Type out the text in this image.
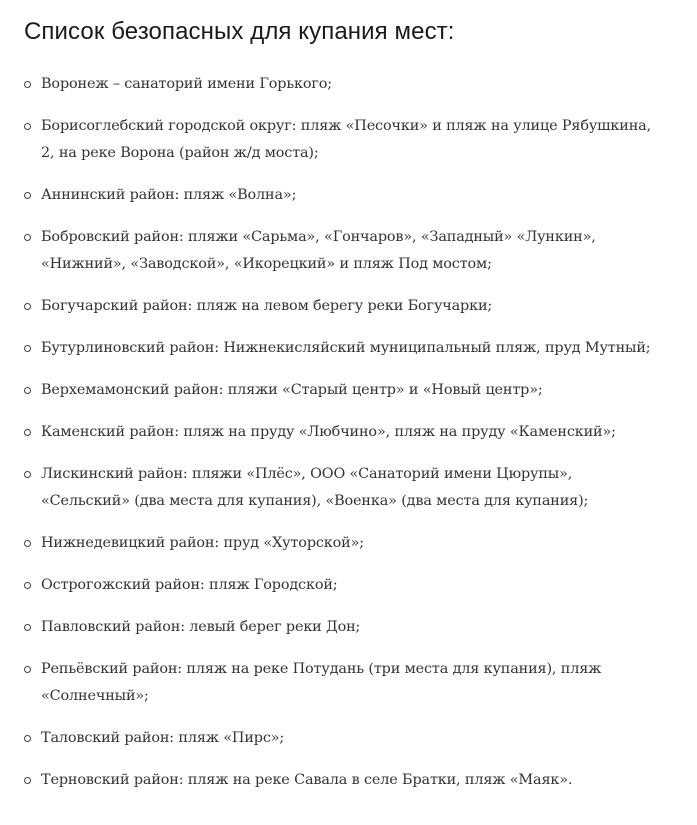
Список безопасных для купания мест:
Воронеж – санаторий имени Горького;
Борисоглебский городской округ: пляж «Песочки» и пляж на улице Рябушкина, 2, на реке Ворона (район ж/д моста);
Аннинский район: пляж «Волна»;
Бобровский район: пляжи «Сарьма», «Гончаров», «Западный» «Лункин», «Нижний», «Заводской», «Икорецкий» и пляж Под мостом;
Богучарский район: пляж на левом берегу реки Богучарки;
Бутурлиновский район: Нижнекисляйский муниципальный пляж, пруд Мутный;
Верхемамонский район: пляжи «Старый центр» и «Новый центр»;
Каменский район: пляж на пруду «Любчино», пляж на пруду «Каменский»;
Лискинский район: пляжи «Плёс», ООО «Санаторий имени Цюрупы», «Сельский» (два места для купания), «Военка» (два места для купания);
Нижнедевицкий район: пруд «Хуторской»;
Острогожский район: пляж Городской;
Павловский район: левый берег реки Дон;
Репьёвский район: пляж на реке Потудань (три места для купания), пляж «Солнечный»;
Таловский район: пляж «Пирс»;
Терновский район: пляж на реке Савала в селе Братки, пляж «Маяк».
